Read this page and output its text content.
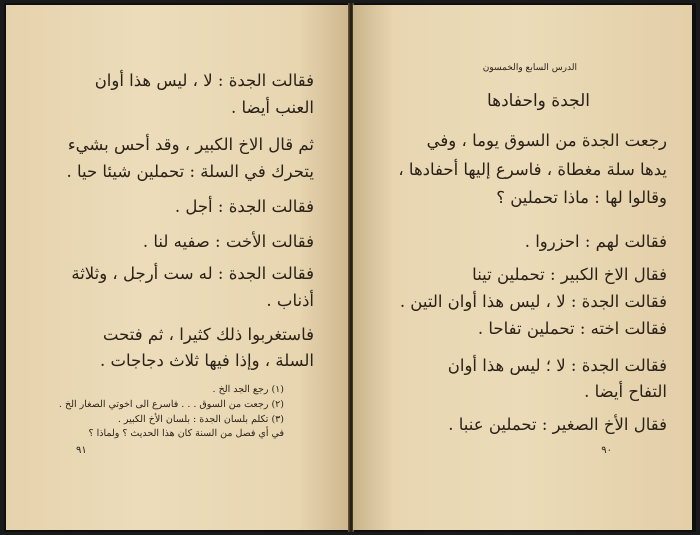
فقالت الجدة : لا ، ليس هذا أوان
العنب أيضا .
ثم قال الاخ الكبير ، وقد أحس بشيء
يتحرك في السلة : تحملين شيئا حيا .
فقالت الجدة : أجل .
فقالت الأخت : صفيه لنا .
فقالت الجدة : له ست أرجل ، وثلاثة
أذناب .
فاستغربوا ذلك كثيرا ، ثم فتحت
السلة ، وإذا فيها ثلاث دجاجات .
(١) رجع الجد الخ .
(٢) رجعت من السوق . . . فاسرع الى اخوتي الصغار الخ .
(٣) تكلم بلسان الجدة : بلسان الأخ الكبير .
في أي فصل من السنة كان هذا الحديث ؟ ولماذا ؟
٩١
الدرس السابع والخمسون
الجدة واحفادها
رجعت الجدة من السوق يوما ، وفي
يدها سلة مغطاة ، فاسرع إليها أحفادها ،
وقالوا لها : ماذا تحملين ؟
فقالت لهم : احزروا .
فقال الاخ الكبير : تحملين تينا
فقالت الجدة : لا ، ليس هذا أوان التين .
فقالت اخته : تحملين تفاحا .
فقالت الجدة : لا ؛ ليس هذا أوان
التفاح أيضا .
فقال الأخ الصغير : تحملين عنبا .
٩٠
